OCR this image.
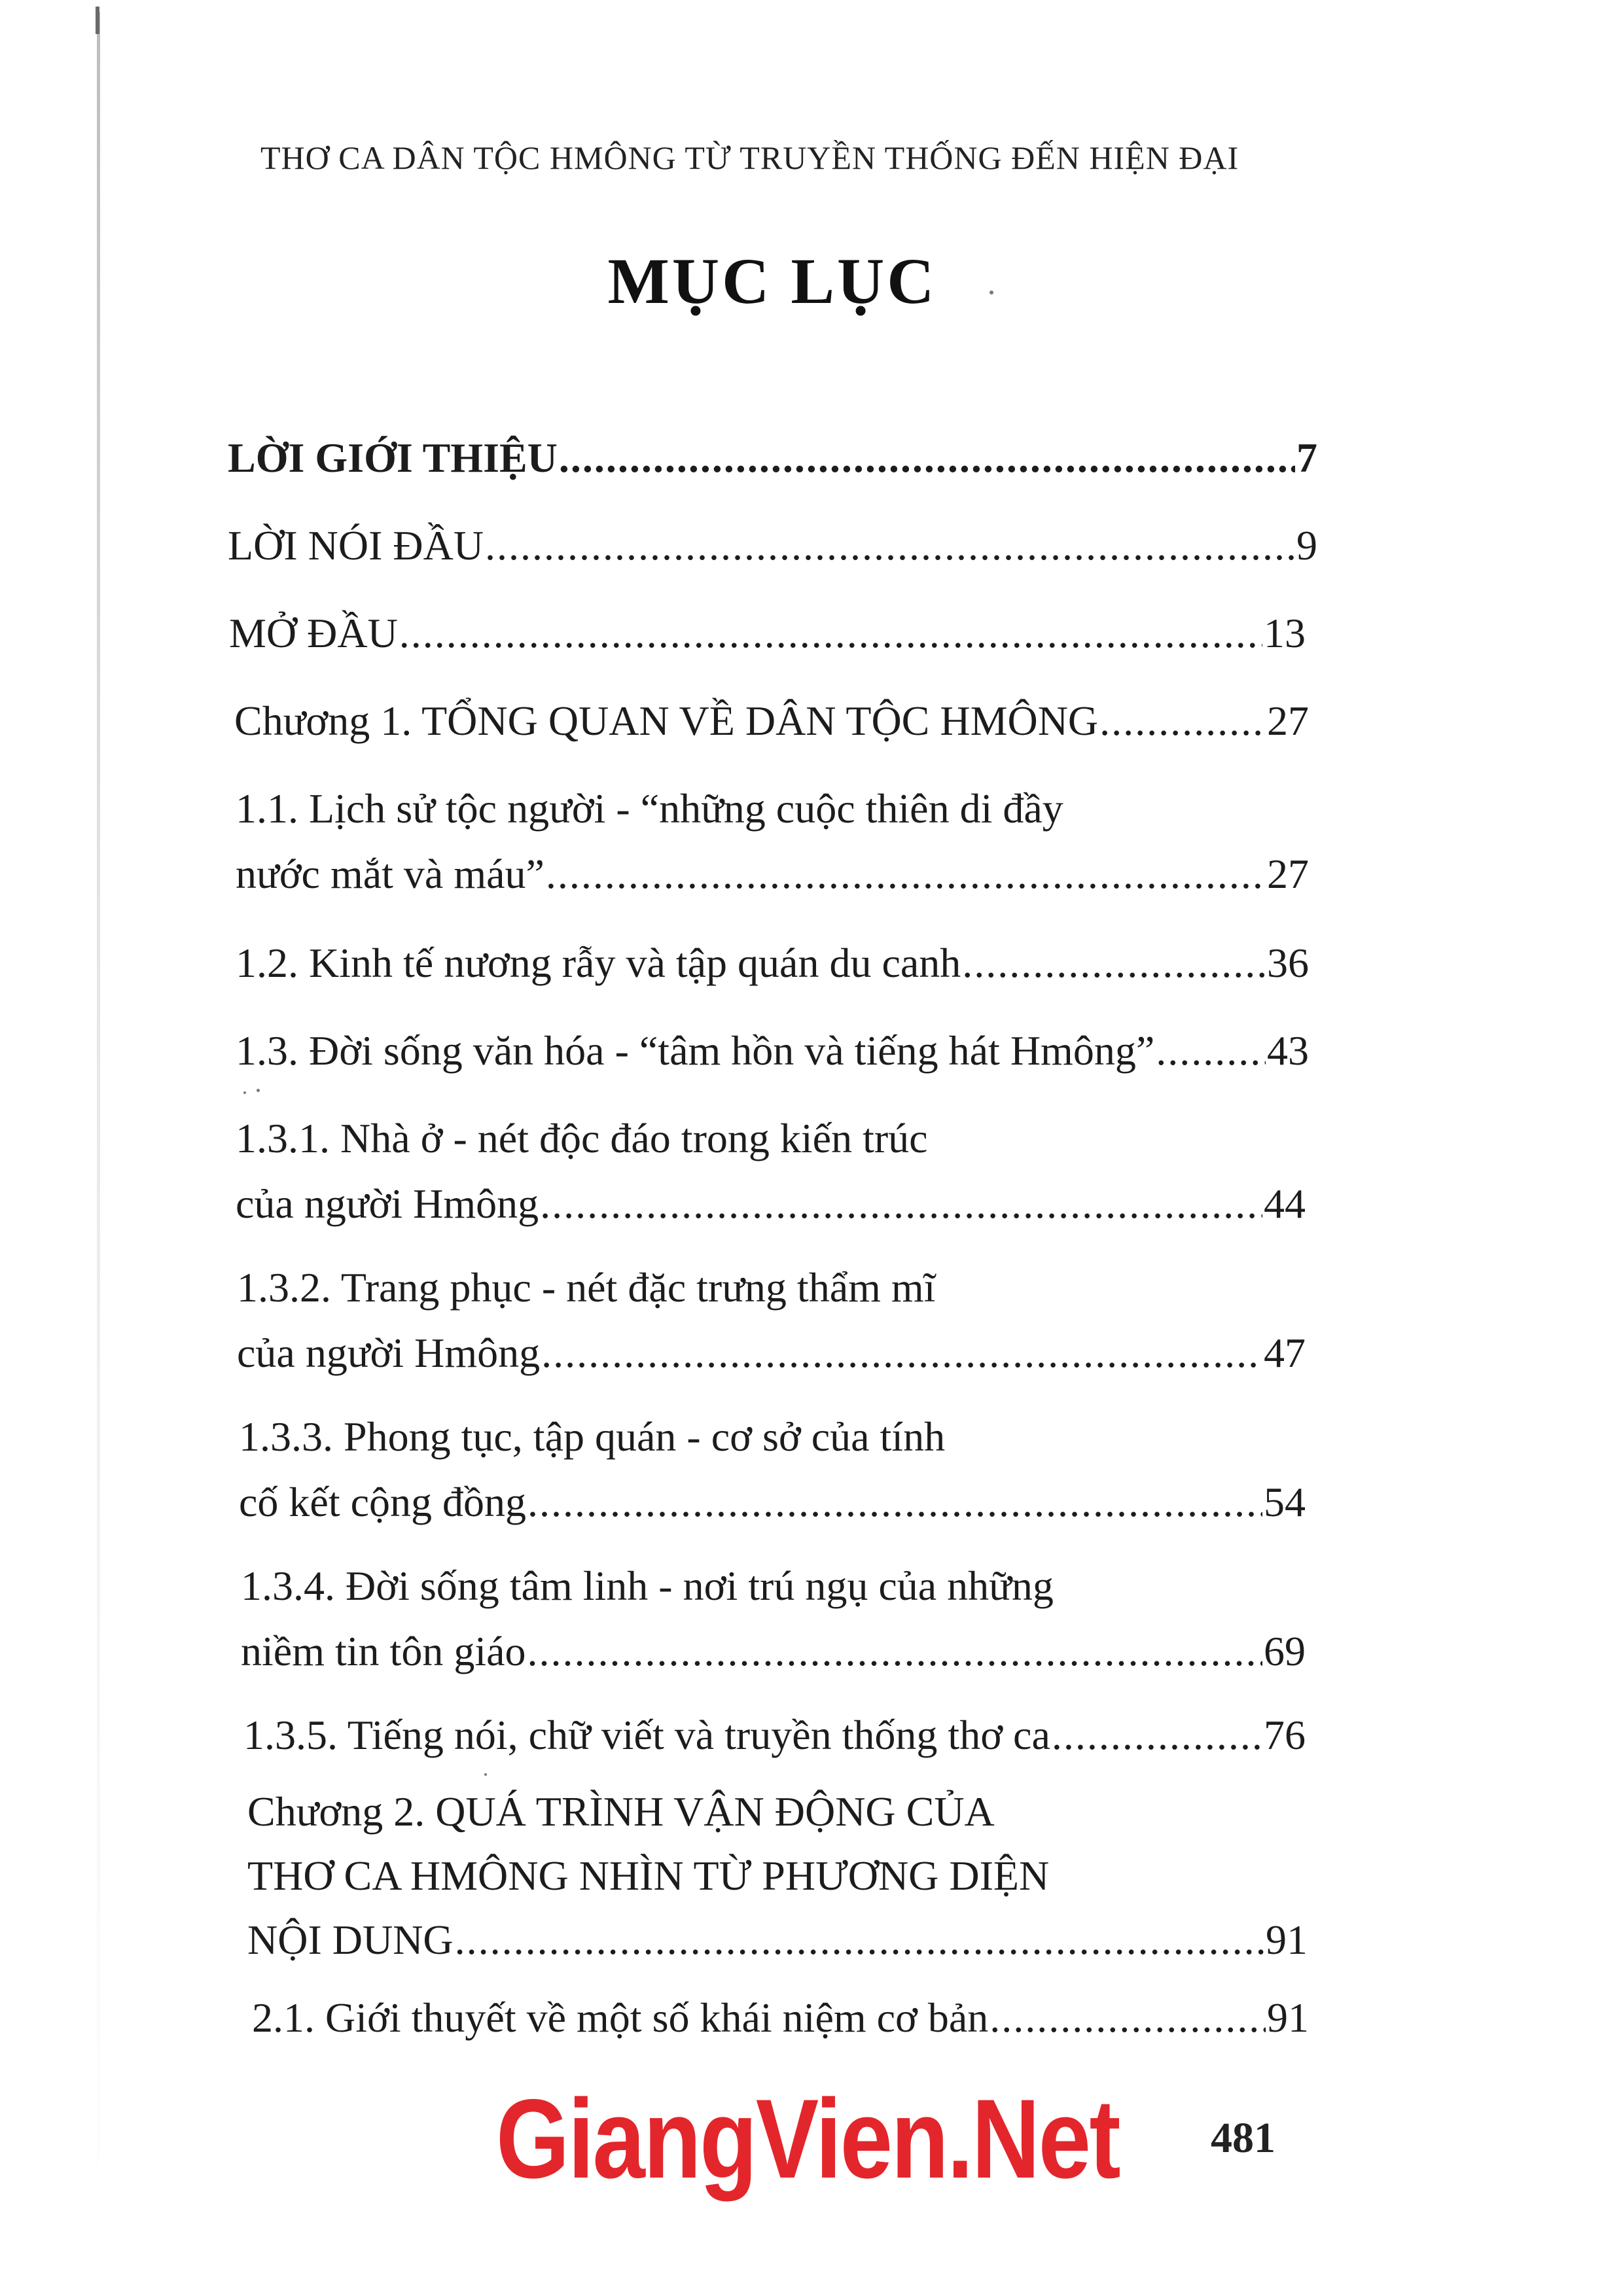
THƠ CA DÂN TỘC HMÔNG TỪ TRUYỀN THỐNG ĐẾN HIỆN ĐẠI
MỤC LỤC
LỜI GIỚI THIỆU .....	7
LỜI NÓI ĐẦU .....	9
MỞ ĐẦU .....	13
Chương 1. TỔNG QUAN VỀ DÂN TỘC HMÔNG .....	27
1.1. Lịch sử tộc người - “những cuộc thiên di đầy
nước mắt và máu” .....	27
1.2. Kinh tế nương rẫy và tập quán du canh .....	36
1.3. Đời sống văn hóa - “tâm hồn và tiếng hát Hmông” .....	43
1.3.1. Nhà ở - nét độc đáo trong kiến trúc
của người Hmông .....	44
1.3.2. Trang phục - nét đặc trưng thẩm mĩ
của người Hmông .....	47
1.3.3. Phong tục, tập quán - cơ sở của tính
cố kết cộng đồng .....	54
1.3.4. Đời sống tâm linh - nơi trú ngụ của những
niềm tin tôn giáo .....	69
1.3.5. Tiếng nói, chữ viết và truyền thống thơ ca .....	76
Chương 2. QUÁ TRÌNH VẬN ĐỘNG CỦA
THƠ CA HMÔNG NHÌN TỪ PHƯƠNG DIỆN
NỘI DUNG .....	91
2.1. Giới thuyết về một số khái niệm cơ bản .....	91
GiangVien.Net 481
